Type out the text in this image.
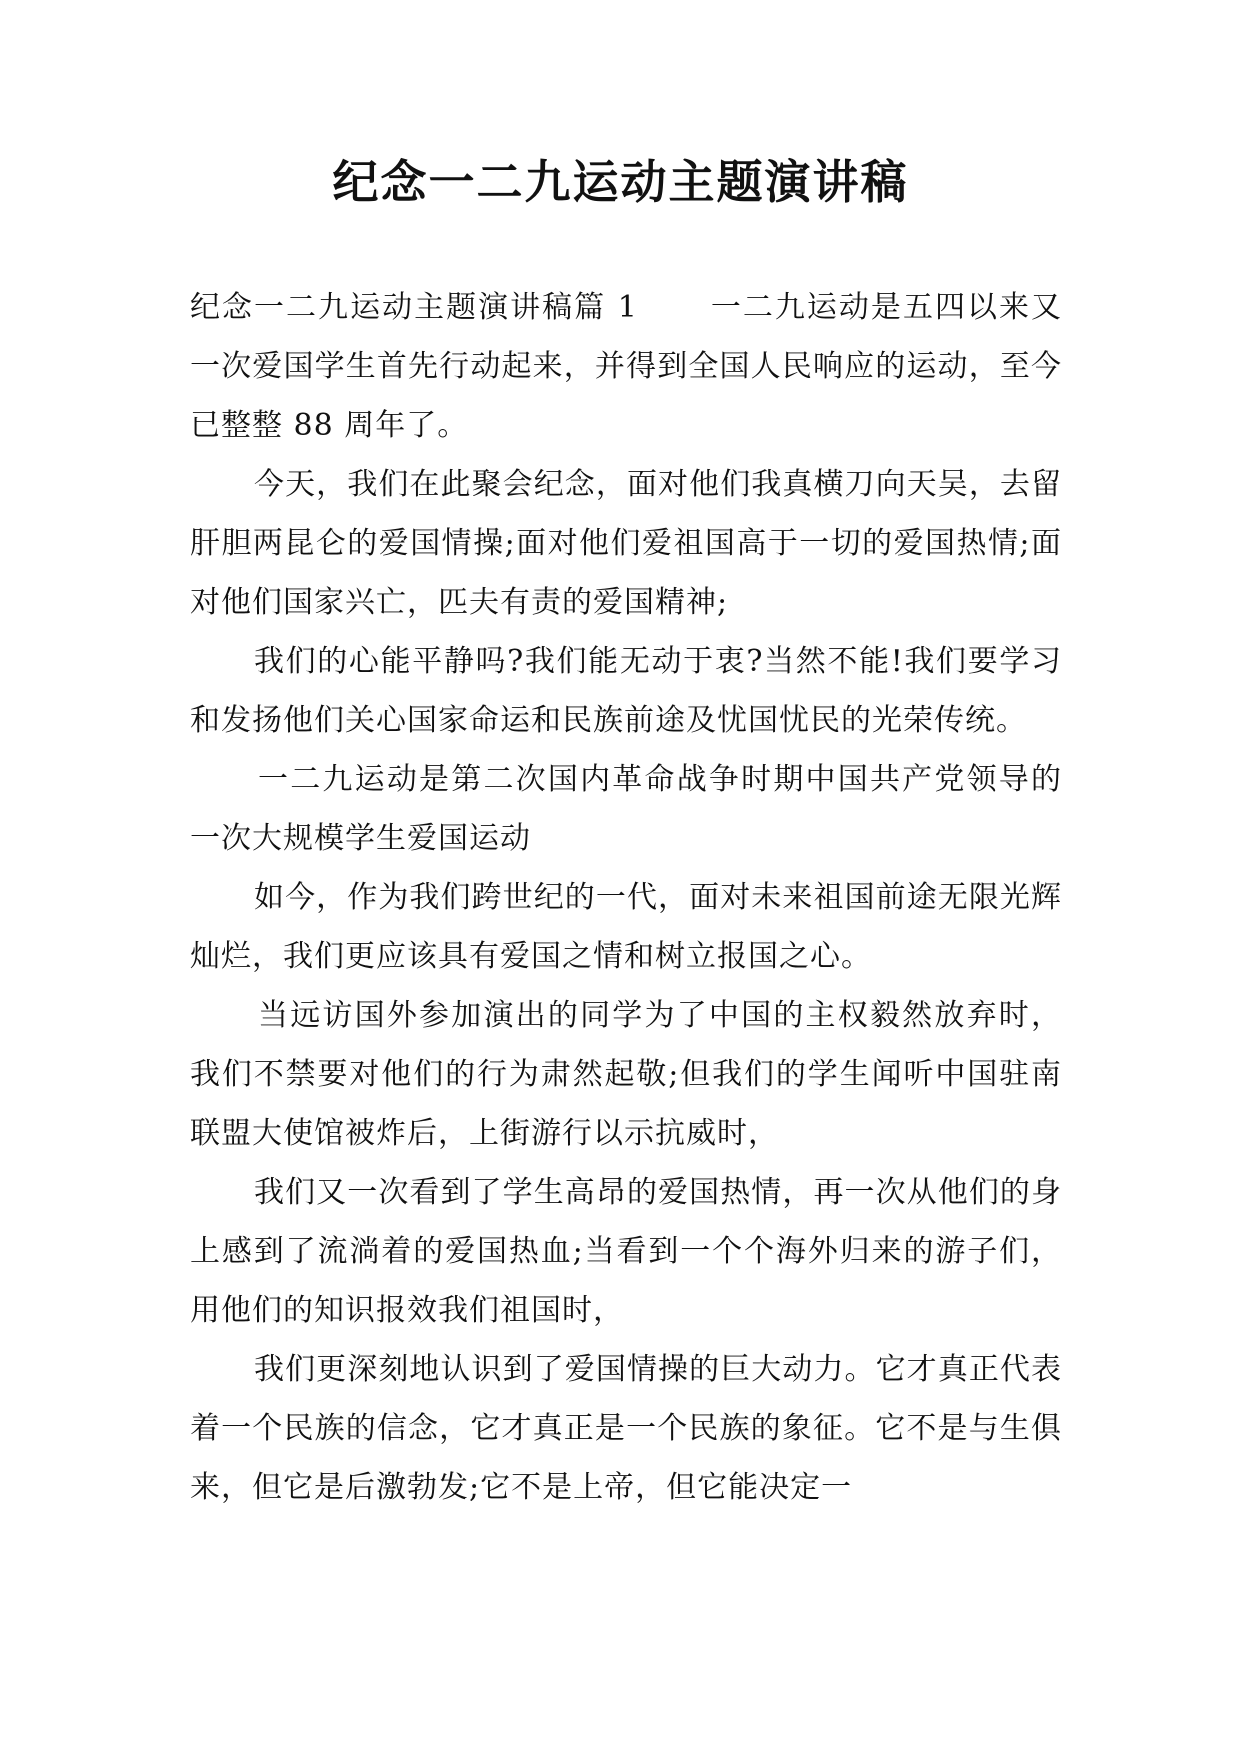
纪念一二九运动主题演讲稿

纪念一二九运动主题演讲稿篇 1 一二九运动是五四以来又一次爱国学生首先行动起来，并得到全国人民响应的运动，至今已整整 88 周年了。

今天，我们在此聚会纪念，面对他们我真横刀向天吴，去留肝胆两昆仑的爱国情操;面对他们爱祖国高于一切的爱国热情;面对他们国家兴亡，匹夫有责的爱国精神;

我们的心能平静吗?我们能无动于衷?当然不能!我们要学习和发扬他们关心国家命运和民族前途及忧国忧民的光荣传统。

一二九运动是第二次国内革命战争时期中国共产党领导的一次大规模学生爱国运动

如今，作为我们跨世纪的一代，面对未来祖国前途无限光辉灿烂，我们更应该具有爱国之情和树立报国之心。

当远访国外参加演出的同学为了中国的主权毅然放弃时，我们不禁要对他们的行为肃然起敬;但我们的学生闻听中国驻南联盟大使馆被炸后，上街游行以示抗威时，

我们又一次看到了学生高昂的爱国热情，再一次从他们的身上感到了流淌着的爱国热血;当看到一个个海外归来的游子们，用他们的知识报效我们祖国时，

我们更深刻地认识到了爱国情操的巨大动力。它才真正代表着一个民族的信念，它才真正是一个民族的象征。它不是与生俱来，但它是后激勃发;它不是上帝，但它能决定一
